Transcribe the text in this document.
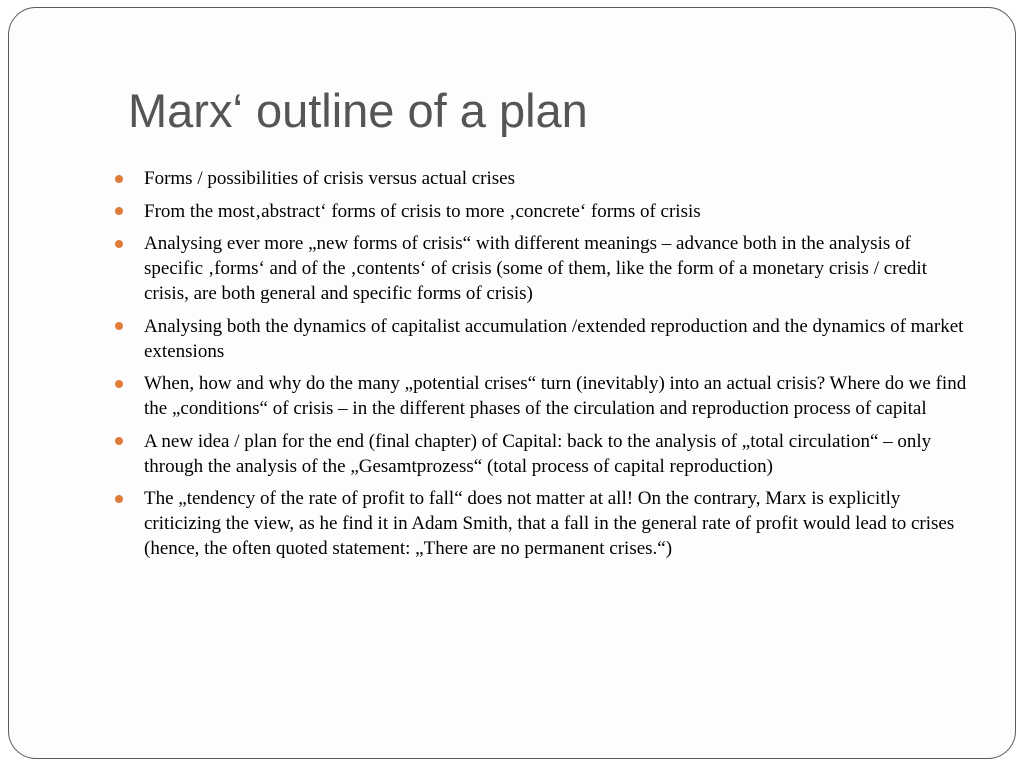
Marx‘ outline of a plan
Forms / possibilities of crisis versus actual crises
From the most‚abstract‘ forms of crisis to more ‚concrete‘ forms of crisis
Analysing ever more „new forms of crisis“ with different meanings – advance both in the analysis of specific ‚forms‘ and of the ‚contents‘ of crisis (some of them, like the form of a monetary crisis / credit crisis, are both general and specific forms of crisis)
Analysing both the dynamics of capitalist accumulation /extended reproduction and the dynamics of market extensions
When, how and why do the many „potential crises“ turn (inevitably) into an actual crisis? Where do we find the „conditions“ of crisis – in the different phases of the circulation and reproduction process of capital
A new idea / plan for the end (final chapter) of Capital: back to the analysis of „total circulation“ – only through the analysis of the „Gesamtprozess“ (total process of capital reproduction)
The „tendency of the rate of profit to fall“ does not matter at all! On the contrary, Marx is explicitly criticizing the view, as he find it in Adam Smith, that a fall in the general rate of profit would lead to crises (hence, the often quoted statement: „There are no permanent crises.“)
